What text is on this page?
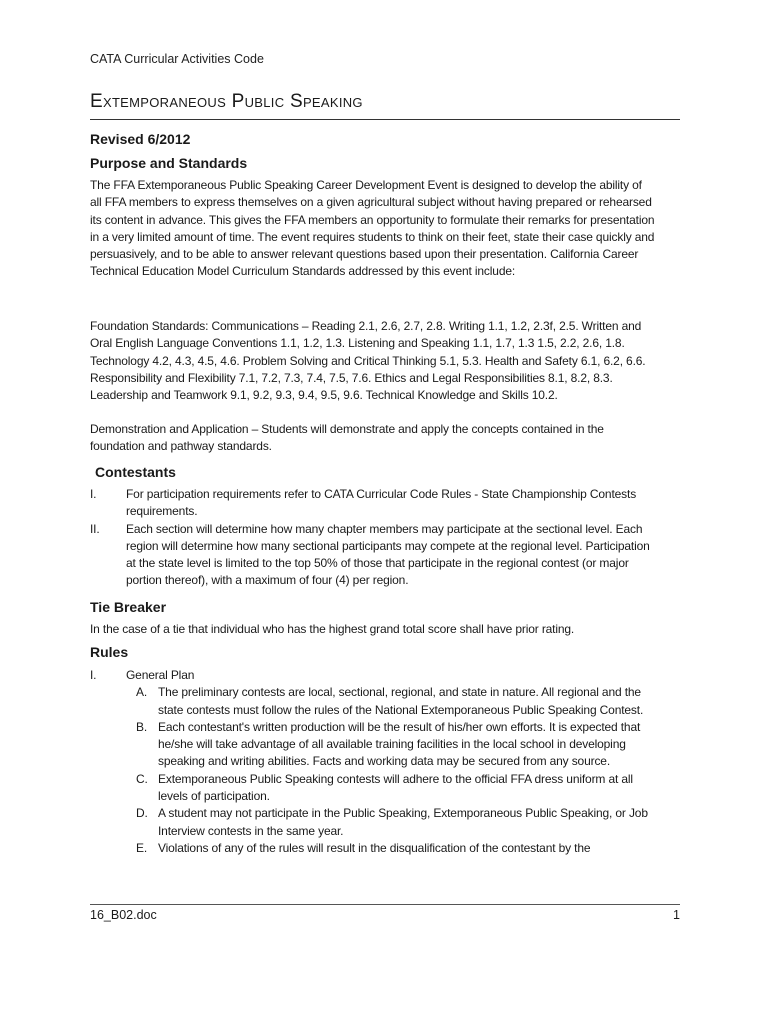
CATA Curricular Activities Code
Extemporaneous Public Speaking
Revised 6/2012
Purpose and Standards
The FFA Extemporaneous Public Speaking Career Development Event is designed to develop the ability of all FFA members to express themselves on a given agricultural subject without having prepared or rehearsed its content in advance. This gives the FFA members an opportunity to formulate their remarks for presentation in a very limited amount of time. The event requires students to think on their feet, state their case quickly and persuasively, and to be able to answer relevant questions based upon their presentation. California Career Technical Education Model Curriculum Standards addressed by this event include:
Foundation Standards: Communications – Reading 2.1, 2.6, 2.7, 2.8. Writing 1.1, 1.2, 2.3f, 2.5. Written and Oral English Language Conventions 1.1, 1.2, 1.3. Listening and Speaking 1.1, 1.7, 1.3 1.5, 2.2, 2.6, 1.8. Technology 4.2, 4.3, 4.5, 4.6. Problem Solving and Critical Thinking 5.1, 5.3. Health and Safety 6.1, 6.2, 6.6. Responsibility and Flexibility 7.1, 7.2, 7.3, 7.4, 7.5, 7.6. Ethics and Legal Responsibilities 8.1, 8.2, 8.3. Leadership and Teamwork 9.1, 9.2, 9.3, 9.4, 9.5, 9.6. Technical Knowledge and Skills 10.2.
Demonstration and Application – Students will demonstrate and apply the concepts contained in the foundation and pathway standards.
Contestants
I. For participation requirements refer to CATA Curricular Code Rules - State Championship Contests requirements.
II. Each section will determine how many chapter members may participate at the sectional level. Each region will determine how many sectional participants may compete at the regional level. Participation at the state level is limited to the top 50% of those that participate in the regional contest (or major portion thereof), with a maximum of four (4) per region.
Tie Breaker
In the case of a tie that individual who has the highest grand total score shall have prior rating.
Rules
I. General Plan
A. The preliminary contests are local, sectional, regional, and state in nature. All regional and the state contests must follow the rules of the National Extemporaneous Public Speaking Contest.
B. Each contestant's written production will be the result of his/her own efforts. It is expected that he/she will take advantage of all available training facilities in the local school in developing speaking and writing abilities. Facts and working data may be secured from any source.
C. Extemporaneous Public Speaking contests will adhere to the official FFA dress uniform at all levels of participation.
D. A student may not participate in the Public Speaking, Extemporaneous Public Speaking, or Job Interview contests in the same year.
E. Violations of any of the rules will result in the disqualification of the contestant by the
16_B02.doc	1
